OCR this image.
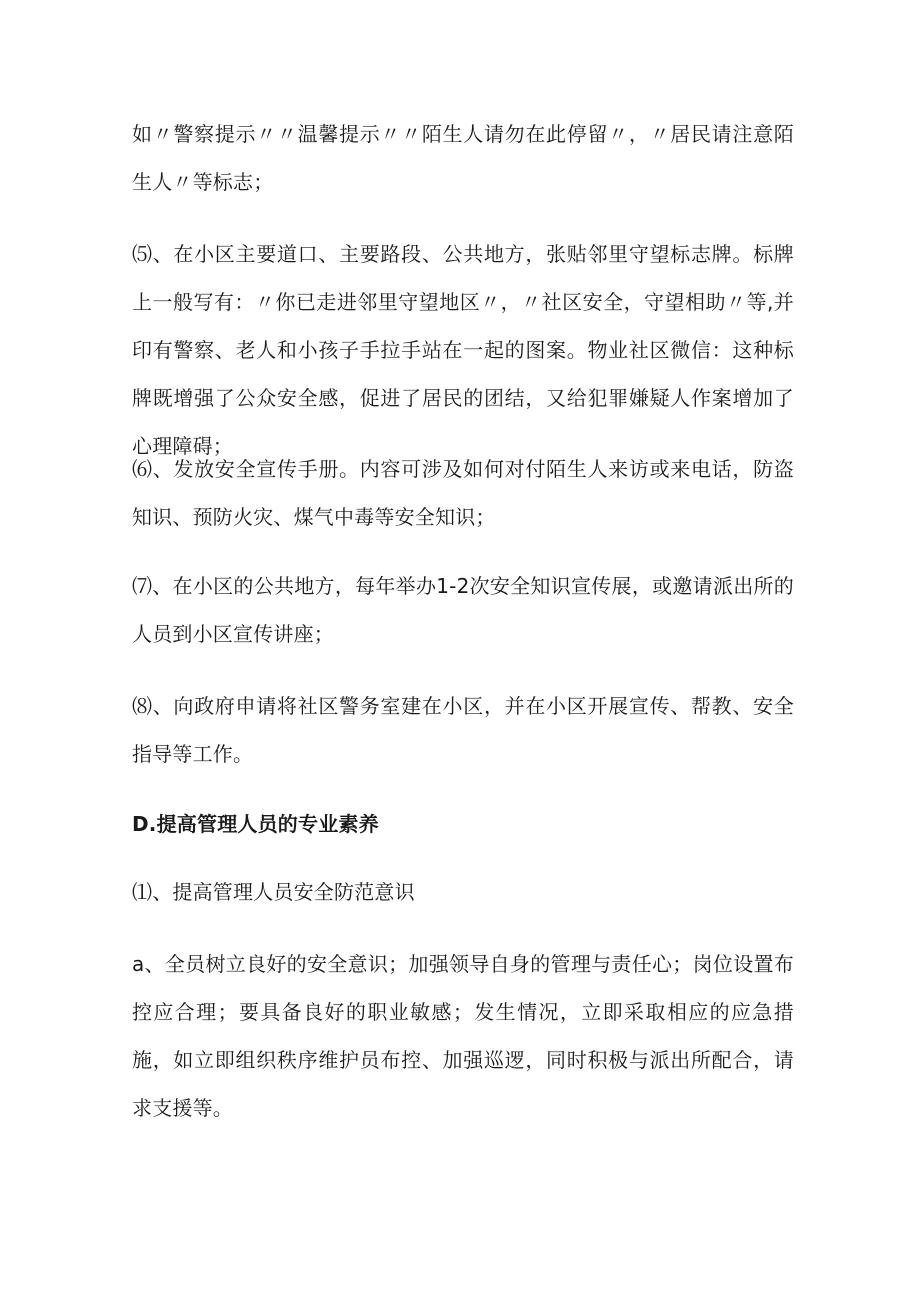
如〃警察提示〃〃温馨提示〃〃陌生人请勿在此停留〃，〃居民请注意陌生人〃等标志；

⑸、在小区主要道口、主要路段、公共地方，张贴邻里守望标志牌。标牌上一般写有：〃你已走进邻里守望地区〃，〃社区安全，守望相助〃等,并印有警察、老人和小孩子手拉手站在一起的图案。物业社区微信：这种标牌既增强了公众安全感，促进了居民的团结，又给犯罪嫌疑人作案增加了心理障碍；

⑹、发放安全宣传手册。内容可涉及如何对付陌生人来访或来电话，防盗知识、预防火灾、煤气中毒等安全知识；

⑺、在小区的公共地方，每年举办1-2次安全知识宣传展，或邀请派出所的人员到小区宣传讲座；

⑻、向政府申请将社区警务室建在小区，并在小区开展宣传、帮教、安全指导等工作。

D.提高管理人员的专业素养

⑴、提高管理人员安全防范意识

a、全员树立良好的安全意识；加强领导自身的管理与责任心；岗位设置布控应合理；要具备良好的职业敏感；发生情况，立即采取相应的应急措施，如立即组织秩序维护员布控、加强巡逻，同时积极与派出所配合，请求支援等。
